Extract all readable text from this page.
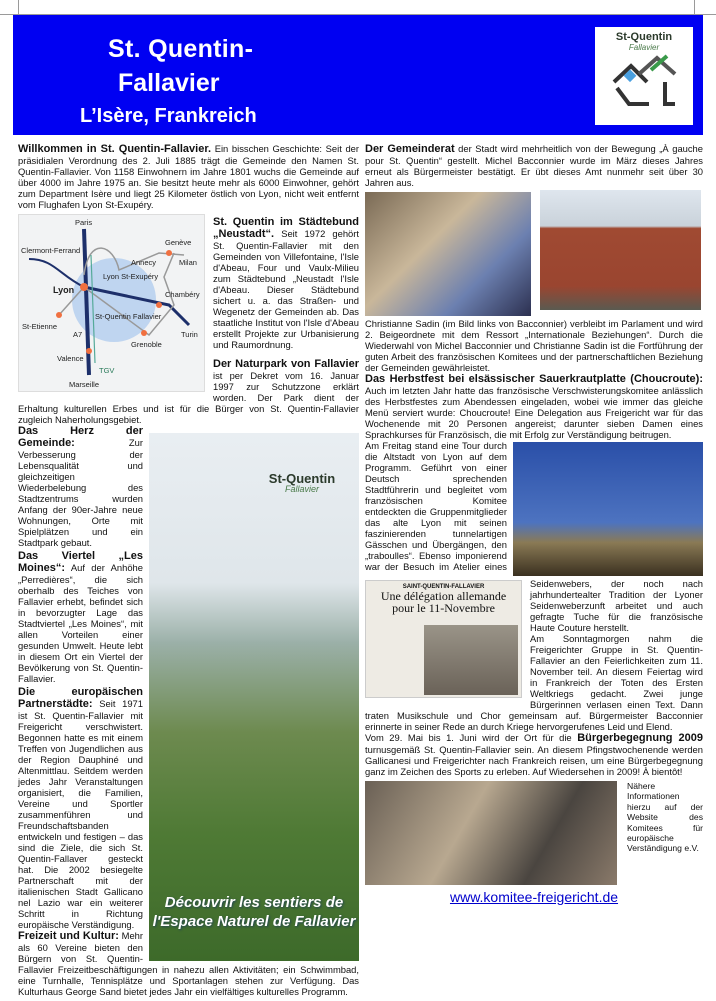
St. Quentin-
Fallavier
L’Isère, Frankreich
St-Quentin
Fallavier

Willkommen in St. Quentin-Fallavier. Ein bisschen Geschichte: Seit der präsidialen Verordnung des 2. Juli 1885 trägt die Gemeinde den Namen St. Quentin-Fallavier. Von 1158 Einwohnern im Jahre 1801 wuchs die Gemeinde auf über 4000 im Jahre 1975 an. Sie besitzt heute mehr als 6000 Einwohner, gehört zum Department Isère und liegt 25 Kilometer östlich von Lyon, nicht weit entfernt vom Flughafen Lyon St-Exupéry.

Paris
Clermont-Ferrand
Lyon
Lyon St-Exupéry
St-Quentin Fallavier
Genève
Milan
Annecy
Chambéry
Turin
Grenoble
Valence
St-Etienne
A7
TGV
Marseille

St. Quentin im Städtebund „Neustadt“. Seit 1972 gehört St. Quentin-Fallavier mit den Gemeinden von Villefontaine, l'Isle d'Abeau, Four und Vaulx-Milieu zum Städtebund „Neustadt l'Isle d'Abeau. Dieser Städtebund sichert u. a. das Straßen- und Wegenetz der Gemeinden ab. Das staatliche Institut von l'Isle d'Abeau erstellt Projekte zur Urbanisierung und Raumordnung.

Der Naturpark von Fallavier ist per Dekret vom 16. Januar 1997 zur Schutzzone erklärt worden. Der Park dient der Erhaltung kulturellen Erbes und ist für die Bürger von St. Quentin-Fallavier zugleich Naherholungsgebiet.

St-Quentin
Fallavier
Découvrir les sentiers de l'Espace Naturel de Fallavier

Das Herz der Gemeinde: Zur Verbesserung der Lebensqualität und gleichzeitigen Wiederbelebung des Stadtzentrums wurden Anfang der 90er-Jahre neue Wohnungen, Orte mit Spielplätzen und ein Stadtpark gebaut.

Das Viertel „Les Moines“: Auf der Anhöhe „Perredières“, die sich oberhalb des Teiches von Fallavier erhebt, befindet sich in bevorzugter Lage das Stadtviertel „Les Moines“, mit allen Vorteilen einer gesunden Umwelt. Heute lebt in diesem Ort ein Viertel der Bevölkerung von St. Quentin-Fallavier.

Die europäischen Partnerstädte: Seit 1971 ist St. Quentin-Fallavier mit Freigericht verschwistert. Begonnen hatte es mit einem Treffen von Jugendlichen aus der Region Dauphiné und Altenmittlau. Seitdem werden jedes Jahr Veranstaltungen organisiert, die Familien, Vereine und Sportler zusammenführen und Freundschaftsbanden entwickeln und festigen – das sind die Ziele, die sich St. Quentin-Fallaver gesteckt hat. Die 2002 besiegelte Partnerschaft mit der italienischen Stadt Gallicano nel Lazio war ein weiterer Schritt in Richtung europäische Verständigung.

Freizeit und Kultur: Mehr als 60 Vereine bieten den Bürgern von St. Quentin-Fallavier Freizeitbeschäftigungen in nahezu allen Aktivitäten; ein Schwimmbad, eine Turnhalle, Tennisplätze und Sportanlagen stehen zur Verfügung. Das Kulturhaus George Sand bietet jedes Jahr ein vielfältiges kulturelles Programm.

Der Gemeinderat der Stadt wird mehrheitlich von der Bewegung „À gauche pour St. Quentin“ gestellt. Michel Bacconnier wurde im März dieses Jahres erneut als Bürgermeister bestätigt. Er übt dieses Amt nunmehr seit über 30 Jahren aus.

Christianne Sadin (im Bild links von Bacconnier) verbleibt im Parlament und wird 2. Beigeordnete mit dem Ressort „Internationale Beziehungen“. Durch die Wiederwahl von Michel Bacconnier und Christianne Sadin ist die Fortführung der guten Arbeit des französischen Komitees und der partnerschaftlichen Beziehung der Gemeinden gewährleistet.

Das Herbstfest bei elsässischer Sauerkrautplatte (Choucroute): Auch im letzten Jahr hatte das französische Verschwisterungskomitee anlässlich des Herbstfestes zum Abendessen eingeladen, wobei wie immer das gleiche Menü serviert wurde: Choucroute! Eine Delegation aus Freigericht war für das Wochenende mit 20 Personen angereist; darunter sieben Damen eines Sprachkurses für Französisch, die mit Erfolg zur Verständigung beitrugen.

SAINT-QUENTIN-FALLAVIER
Une délégation allemande pour le 11-Novembre

Am Freitag stand eine Tour durch die Altstadt von Lyon auf dem Programm. Geführt von einer Deutsch sprechenden Stadtführerin und begleitet vom französischen Komitee entdeckten die Gruppenmitglieder das alte Lyon mit seinen faszinierenden tunnelartigen Gässchen und Übergängen, den „traboulles“. Ebenso imponierend war der Besuch im Atelier eines Seidenwebers, der noch nach jahrhundertealter Tradition der Lyoner Seidenweberzunft arbeitet und auch gefragte Tuche für die französische Haute Couture herstellt.

Am Sonntagmorgen nahm die Freigerichter Gruppe in St. Quentin-Fallavier an den Feierlichkeiten zum 11. November teil. An diesem Feiertag wird in Frankreich der Toten des Ersten Weltkriegs gedacht. Zwei junge Bürgerinnen verlasen einen Text. Dann traten Musikschule und Chor gemeinsam auf. Bürgermeister Bacconnier erinnerte in seiner Rede an durch Kriege hervorgerufenes Leid und Elend.

Vom 29. Mai bis 1. Juni wird der Ort für die Bürgerbegegnung 2009 turnusgemäß St. Quentin-Fallavier sein. An diesem Pfingstwochenende werden Gallicanesi und Freigerichter nach Frankreich reisen, um eine Bürgerbegegnung ganz im Zeichen des Sports zu erleben. Auf Wiedersehen in 2009! À bientôt!

Nähere Informationen hierzu auf der Website des Komitees für europäische Verständigung e.V.

www.komitee-freigericht.de
